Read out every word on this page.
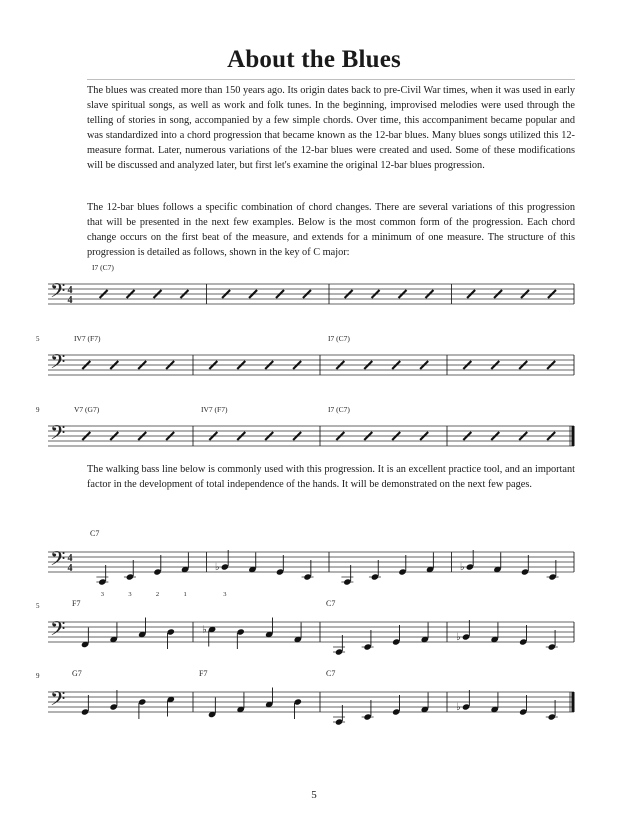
About the Blues

The blues was created more than 150 years ago. Its origin dates back to pre-Civil War times, when it was used in early slave spiritual songs, as well as work and folk tunes. In the beginning, improvised melodies were used through the telling of stories in song, accompanied by a few simple chords. Over time, this accompaniment became popular and was standardized into a chord progression that became known as the 12-bar blues. Many blues songs utilized this 12-measure format. Later, numerous variations of the 12-bar blues were created and used. Some of these modifications will be discussed and analyzed later, but first let's examine the original 12-bar blues progression.

The 12-bar blues follows a specific combination of chord changes. There are several variations of this progression that will be presented in the next few examples. Below is the most common form of the progression. Each chord change occurs on the first beat of the measure, and extends for a minimum of one measure. The structure of this progression is detailed as follows, shown in the key of C major:

The walking bass line below is commonly used with this progression. It is an excellent practice tool, and an important factor in the development of total independence of the hands. It will be demonstrated on the next few pages.

𝄢 4
4
I7 (C7)
𝄢
5	IV7 (F7)	I7 (C7)
𝄢
9	V7 (G7)	IV7 (F7)	I7 (C7)
𝄢 4
4
3	3	2	1
♭
3
♭
C7
𝄢	♭
♭
5	F7	C7
𝄢	♭
9	G7	F7	C7
5
